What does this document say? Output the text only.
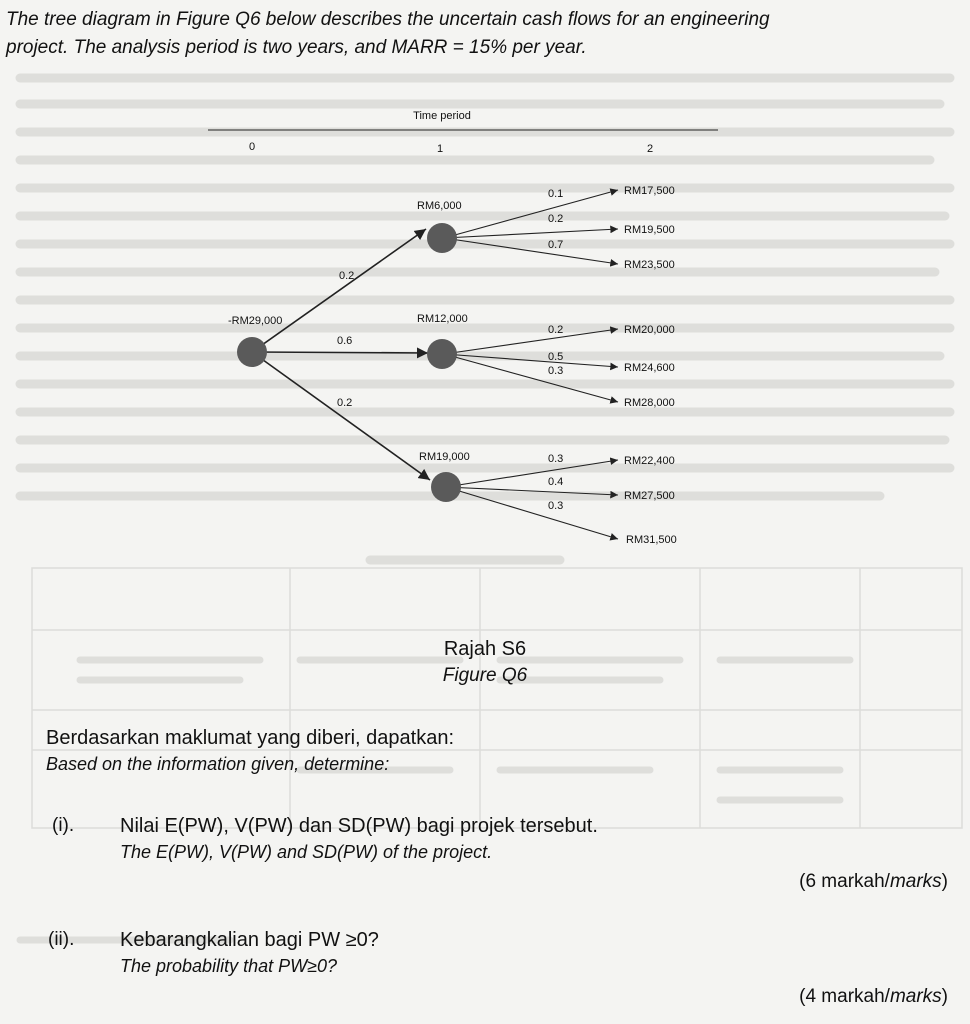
The tree diagram in Figure Q6 below describes the uncertain cash flows for an engineering

project. The analysis period is two years, and MARR = 15% per year.

Time period
0	1	2
-RM29,000
0.2
0.6
0.2
RM6,000
0.1
0.2
0.7
RM17,500
RM19,500
RM23,500
RM12,000
0.2
0.5
0.3
RM20,000
RM24,600
RM28,000
RM19,000	0.3
0.4
0.3
RM22,400
RM27,500
RM31,500
Rajah S6
Figure Q6
Berdasarkan maklumat yang diberi, dapatkan:
Based on the information given, determine:
(i). Nilai E(PW), V(PW) dan SD(PW) bagi projek tersebut.
The E(PW), V(PW) and SD(PW) of the project.
(6 markah/marks)
(ii). Kebarangkalian bagi PW ≥0?
The probability that PW≥0?
(4 markah/marks)
